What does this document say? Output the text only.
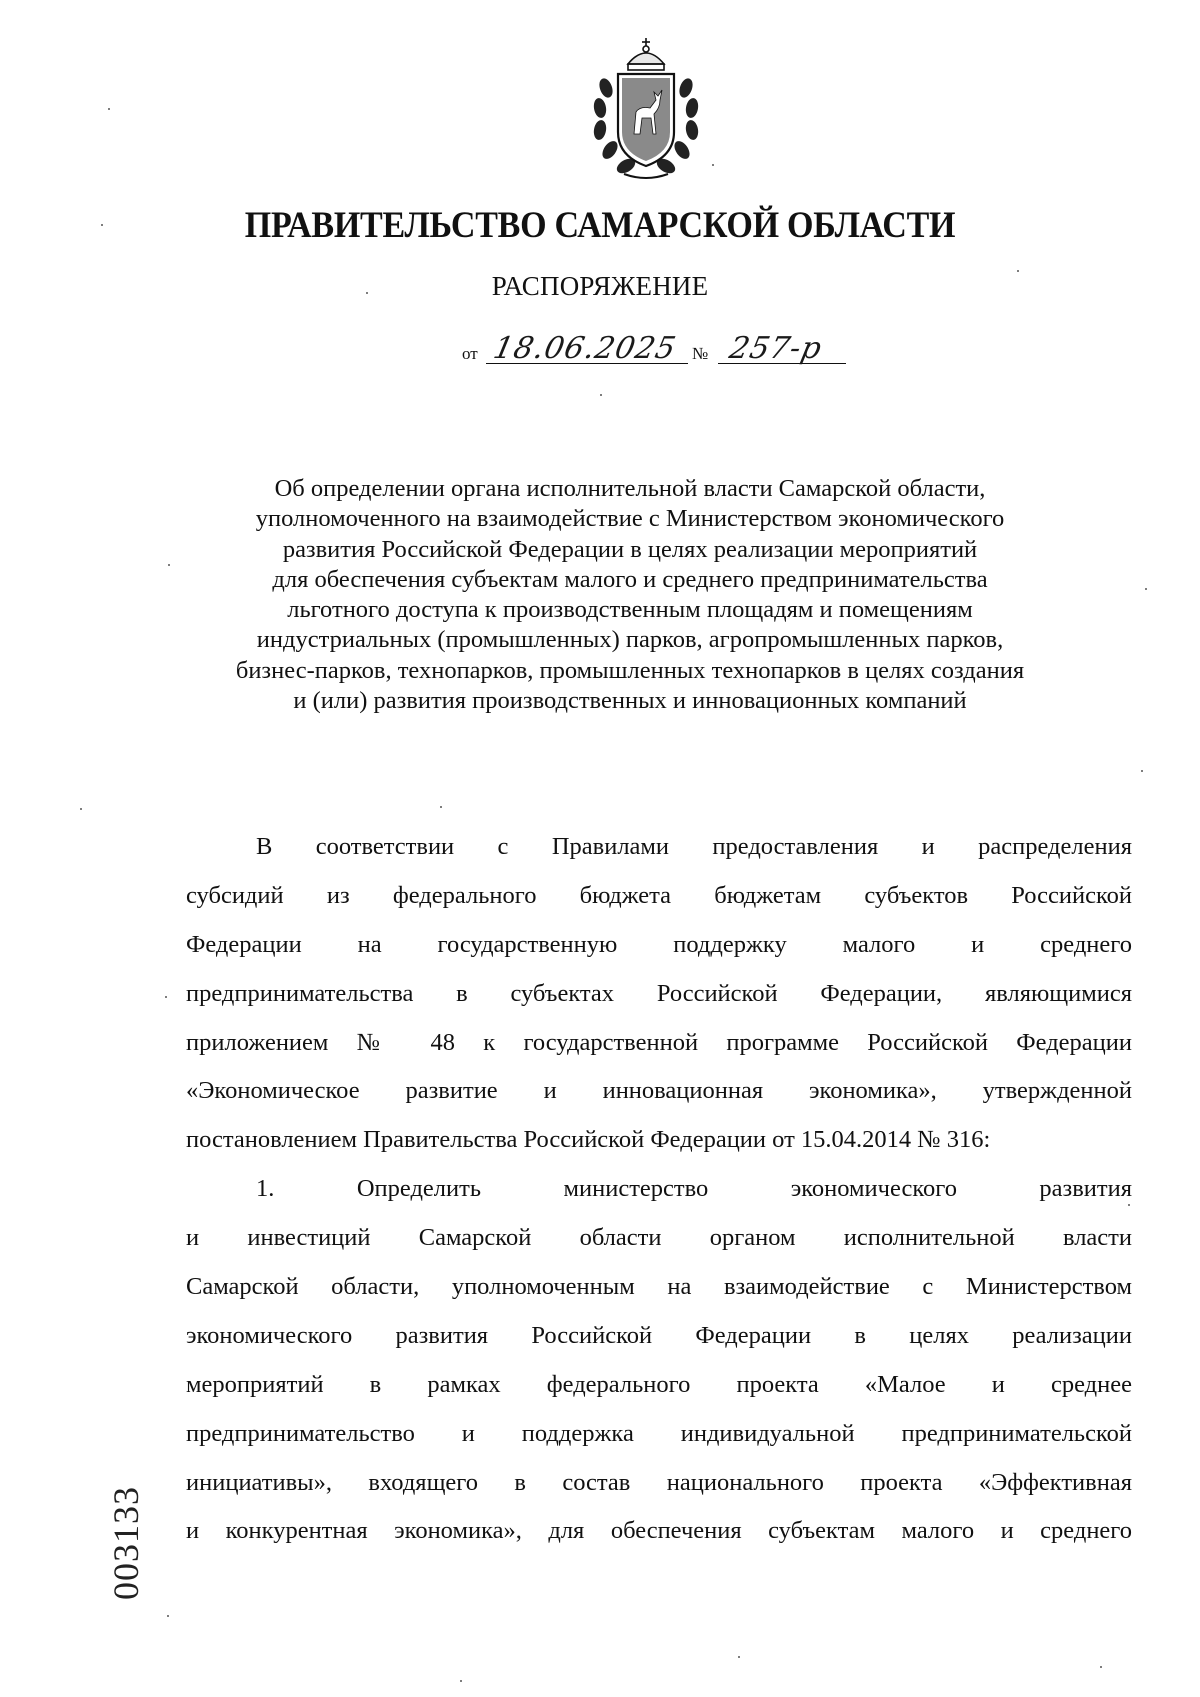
ПРАВИТЕЛЬСТВО САМАРСКОЙ ОБЛАСТИ
РАСПОРЯЖЕНИЕ
от 18.06.2025 № 257-р
Об определении органа исполнительной власти Самарской области,
уполномоченного на взаимодействие с Министерством экономического
развития Российской Федерации в целях реализации мероприятий
для обеспечения субъектам малого и среднего предпринимательства
льготного доступа к производственным площадям и помещениям
индустриальных (промышленных) парков, агропромышленных парков,
бизнес-парков, технопарков, промышленных технопарков в целях создания
и (или) развития производственных и инновационных компаний
В соответствии с Правилами предоставления и распределения
субсидий из федерального бюджета бюджетам субъектов Российской
Федерации на государственную поддержку малого и среднего
предпринимательства в субъектах Российской Федерации, являющимися
приложением № 48 к государственной программе Российской Федерации
«Экономическое развитие и инновационная экономика», утвержденной
постановлением Правительства Российской Федерации от 15.04.2014 № 316:
1. Определить министерство экономического развития
и инвестиций Самарской области органом исполнительной власти
Самарской области, уполномоченным на взаимодействие с Министерством
экономического развития Российской Федерации в целях реализации
мероприятий в рамках федерального проекта «Малое и среднее
предпринимательство и поддержка индивидуальной предпринимательской
инициативы», входящего в состав национального проекта «Эффективная
и конкурентная экономика», для обеспечения субъектам малого и среднего
003133
